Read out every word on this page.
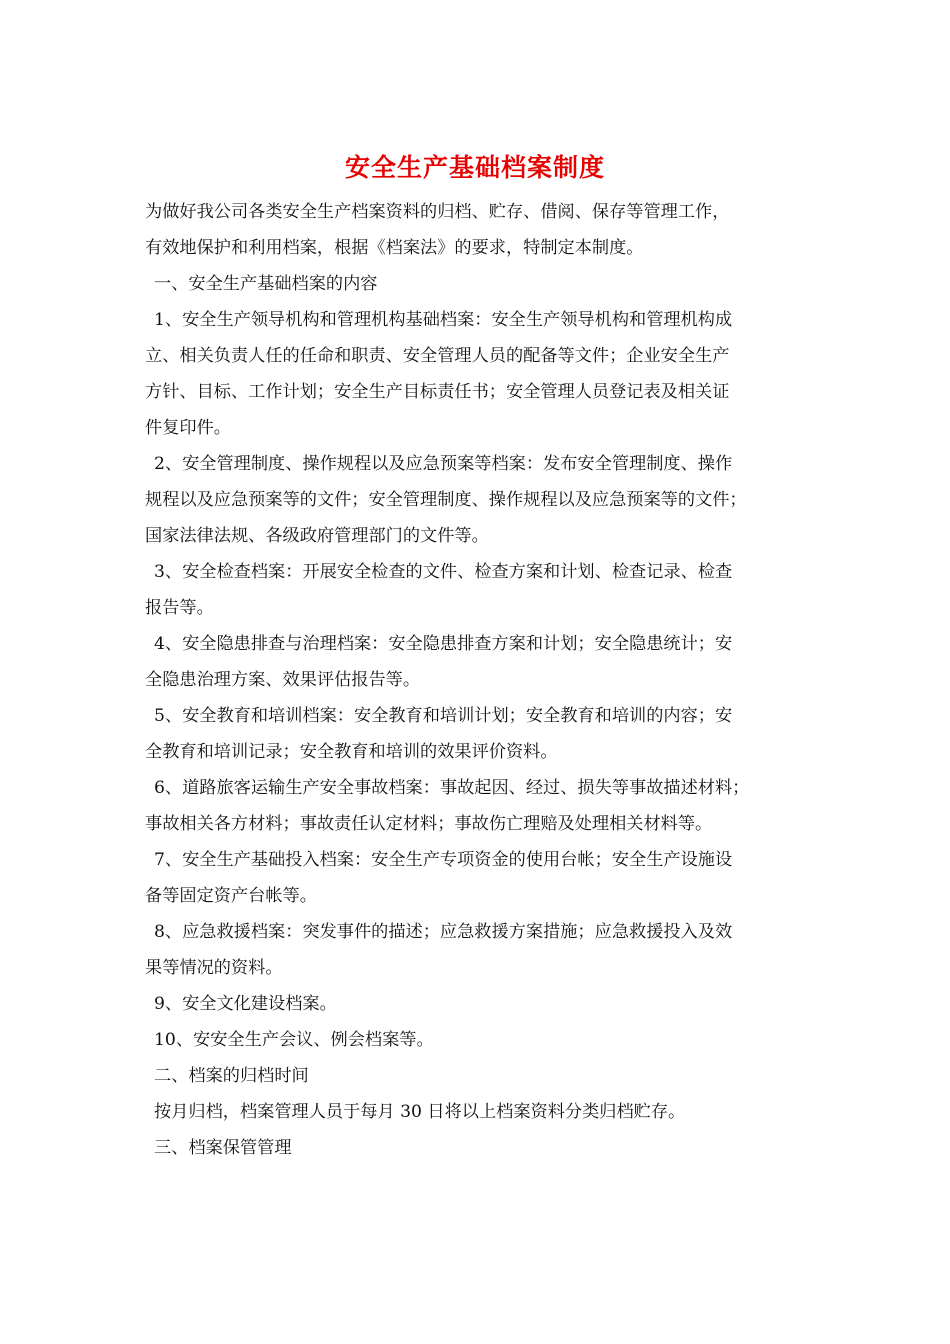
安全生产基础档案制度
为做好我公司各类安全生产档案资料的归档、贮存、借阅、保存等管理工作，
有效地保护和利用档案，根据《档案法》的要求，特制定本制度。
一、安全生产基础档案的内容
1、安全生产领导机构和管理机构基础档案：安全生产领导机构和管理机构成
立、相关负责人任的任命和职责、安全管理人员的配备等文件；企业安全生产
方针、目标、工作计划；安全生产目标责任书；安全管理人员登记表及相关证
件复印件。
2、安全管理制度、操作规程以及应急预案等档案：发布安全管理制度、操作
规程以及应急预案等的文件；安全管理制度、操作规程以及应急预案等的文件；
国家法律法规、各级政府管理部门的文件等。
3、安全检查档案：开展安全检查的文件、检查方案和计划、检查记录、检查
报告等。
4、安全隐患排查与治理档案：安全隐患排查方案和计划；安全隐患统计；安
全隐患治理方案、效果评估报告等。
5、安全教育和培训档案：安全教育和培训计划；安全教育和培训的内容；安
全教育和培训记录；安全教育和培训的效果评价资料。
6、道路旅客运输生产安全事故档案：事故起因、经过、损失等事故描述材料；
事故相关各方材料；事故责任认定材料；事故伤亡理赔及处理相关材料等。
7、安全生产基础投入档案：安全生产专项资金的使用台帐；安全生产设施设
备等固定资产台帐等。
8、应急救援档案：突发事件的描述；应急救援方案措施；应急救援投入及效
果等情况的资料。
9、安全文化建设档案。
10、安安全生产会议、例会档案等。
二、档案的归档时间
按月归档，档案管理人员于每月 30 日将以上档案资料分类归档贮存。
三、档案保管管理
